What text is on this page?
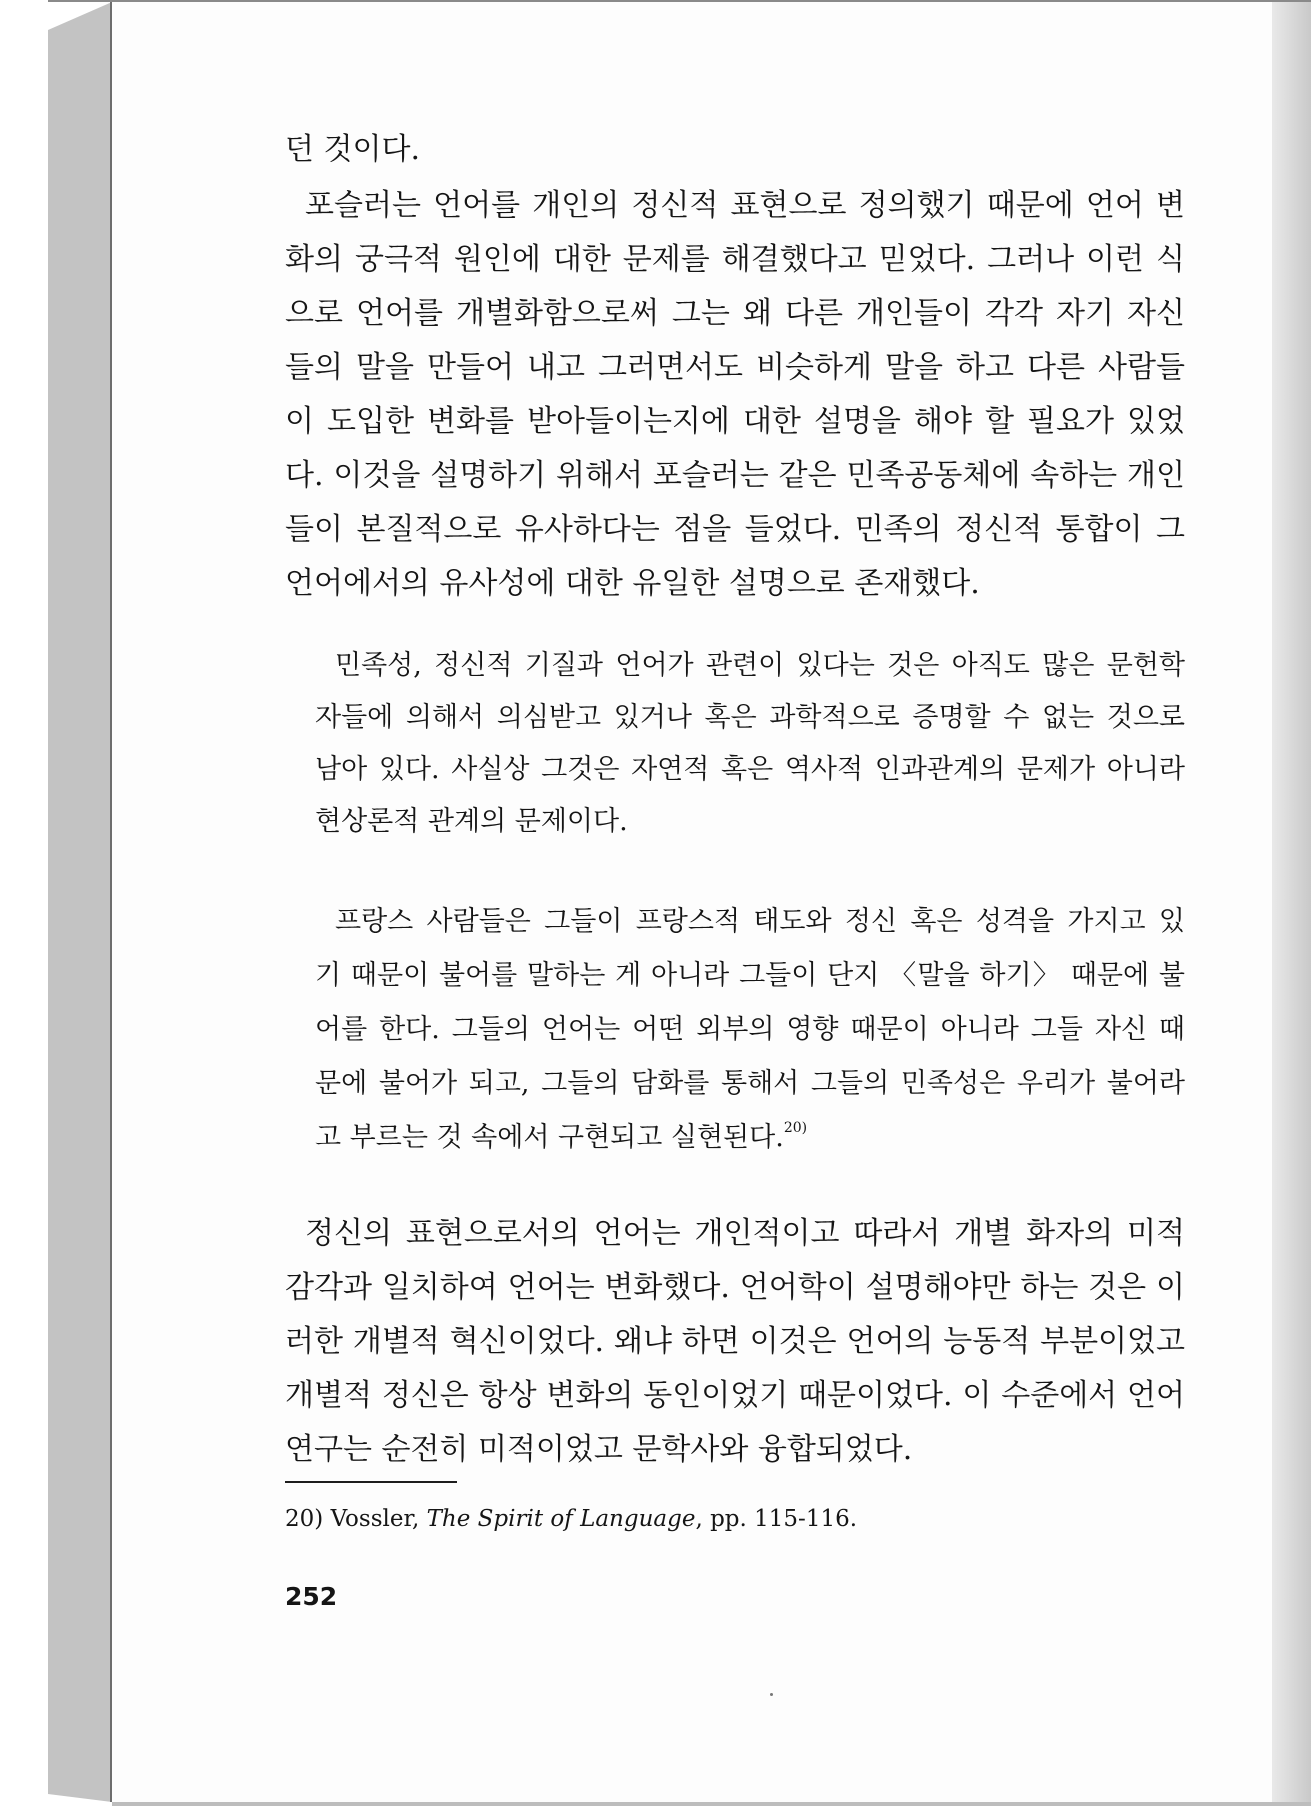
던 것이다.
포슬러는 언어를 개인의 정신적 표현으로 정의했기 때문에 언어 변
화의 궁극적 원인에 대한 문제를 해결했다고 믿었다. 그러나 이런 식
으로 언어를 개별화함으로써 그는 왜 다른 개인들이 각각 자기 자신
들의 말을 만들어 내고 그러면서도 비슷하게 말을 하고 다른 사람들
이 도입한 변화를 받아들이는지에 대한 설명을 해야 할 필요가 있었
다. 이것을 설명하기 위해서 포슬러는 같은 민족공동체에 속하는 개인
들이 본질적으로 유사하다는 점을 들었다. 민족의 정신적 통합이 그
언어에서의 유사성에 대한 유일한 설명으로 존재했다.
민족성, 정신적 기질과 언어가 관련이 있다는 것은 아직도 많은 문헌학
자들에 의해서 의심받고 있거나 혹은 과학적으로 증명할 수 없는 것으로
남아 있다. 사실상 그것은 자연적 혹은 역사적 인과관계의 문제가 아니라
현상론적 관계의 문제이다.
프랑스 사람들은 그들이 프랑스적 태도와 정신 혹은 성격을 가지고 있
기 때문이 불어를 말하는 게 아니라 그들이 단지 〈말을 하기〉 때문에 불
어를 한다. 그들의 언어는 어떤 외부의 영향 때문이 아니라 그들 자신 때
문에 불어가 되고, 그들의 담화를 통해서 그들의 민족성은 우리가 불어라
고 부르는 것 속에서 구현되고 실현된다.$^{20)}$
정신의 표현으로서의 언어는 개인적이고 따라서 개별 화자의 미적
감각과 일치하여 언어는 변화했다. 언어학이 설명해야만 하는 것은 이
러한 개별적 혁신이었다. 왜냐 하면 이것은 언어의 능동적 부분이었고
개별적 정신은 항상 변화의 동인이었기 때문이었다. 이 수준에서 언어
연구는 순전히 미적이었고 문학사와 융합되었다.
20) Vossler, The Spirit of Language, pp. 115-116.
252
